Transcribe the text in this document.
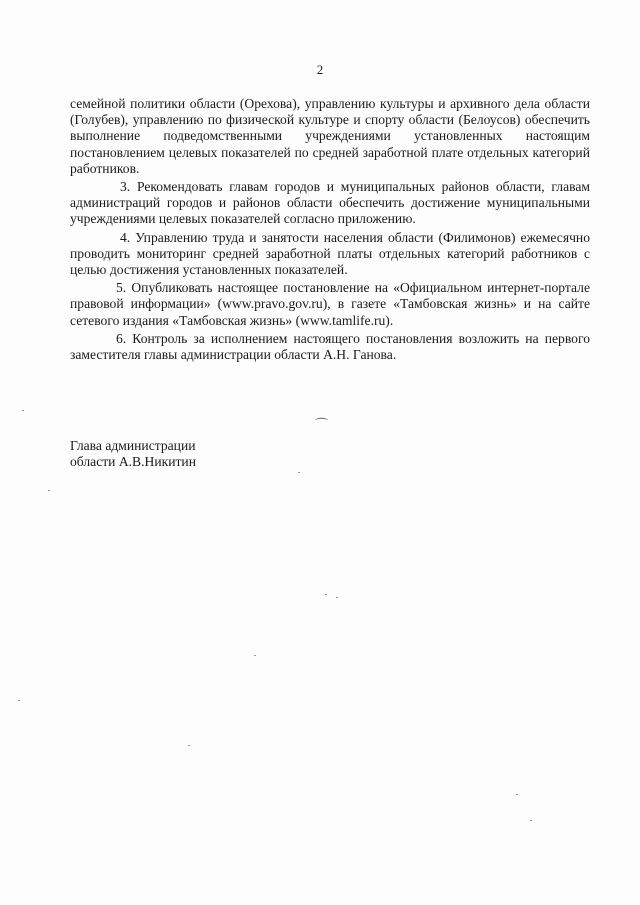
2

семейной политики области (Орехова), управлению культуры и архивного дела области (Голубев), управлению по физической культуре и спорту области (Белоусов) обеспечить выполнение подведомственными учреждениями установленных настоящим постановлением целевых показателей по средней заработной плате отдельных категорий работников.

3. Рекомендовать главам городов и муниципальных районов области, главам администраций городов и районов области обеспечить достижение муниципальными учреждениями целевых показателей согласно приложению.

4. Управлению труда и занятости населения области (Филимонов) ежемесячно проводить мониторинг средней заработной платы отдельных категорий работников с целью достижения установленных показателей.

5. Опубликовать настоящее постановление на «Официальном интернет-портале правовой информации» (www.pravo.gov.ru), в газете «Тамбовская жизнь» и на сайте сетевого издания «Тамбовская жизнь» (www.tamlife.ru).

6. Контроль за исполнением настоящего постановления возложить на первого заместителя главы администрации области А.Н. Ганова.

⌒
Глава администрации
области А.В.Никитин
